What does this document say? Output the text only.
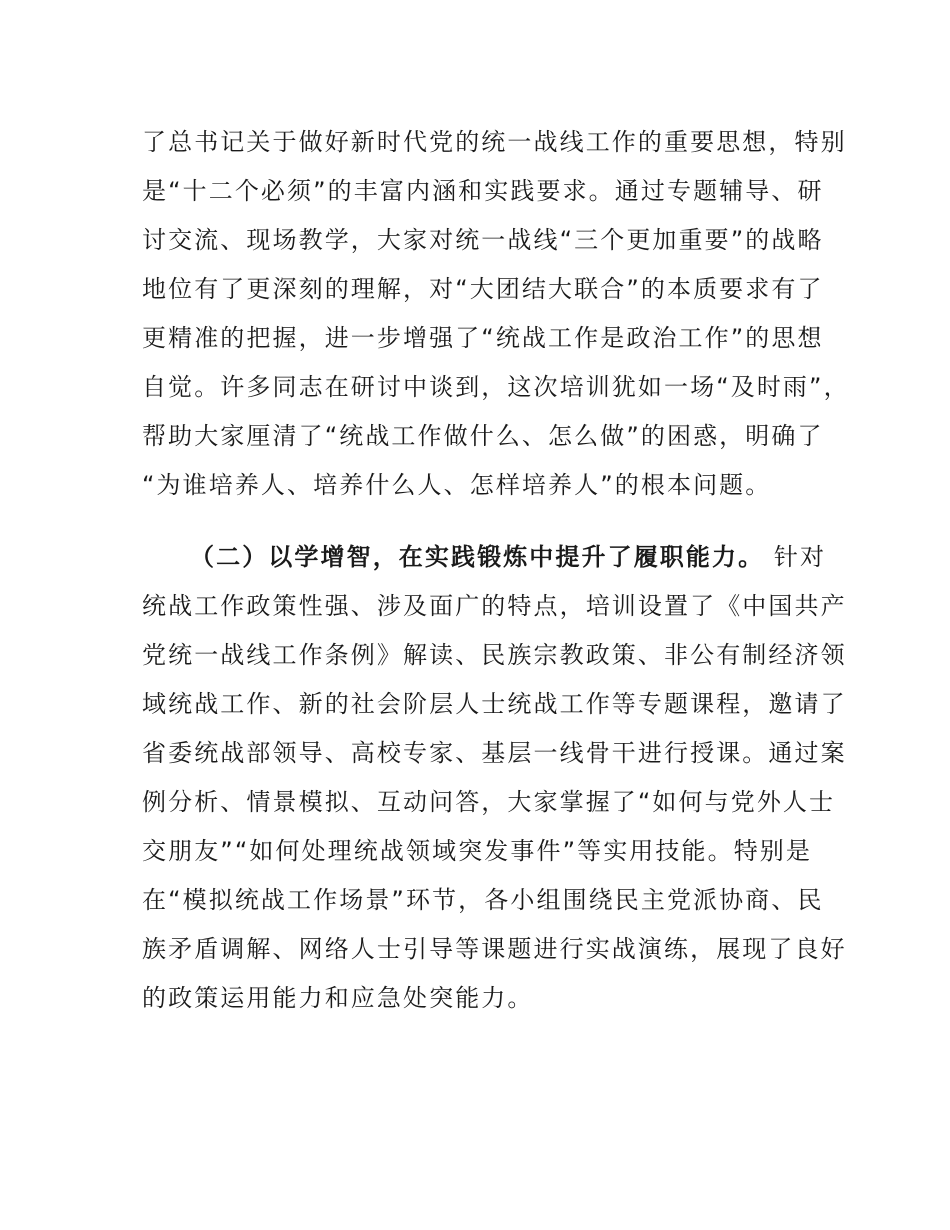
了总书记关于做好新时代党的统一战线工作的重要思想，特别
是“十二个必须”的丰富内涵和实践要求。通过专题辅导、研
讨交流、现场教学，大家对统一战线“三个更加重要”的战略
地位有了更深刻的理解，对“大团结大联合”的本质要求有了
更精准的把握，进一步增强了“统战工作是政治工作”的思想
自觉。许多同志在研讨中谈到，这次培训犹如一场“及时雨”，
帮助大家厘清了“统战工作做什么、怎么做”的困惑，明确了
“为谁培养人、培养什么人、怎样培养人”的根本问题。
（二）以学增智，在实践锻炼中提升了履职能力。 针对
统战工作政策性强、涉及面广的特点，培训设置了《中国共产
党统一战线工作条例》解读、民族宗教政策、非公有制经济领
域统战工作、新的社会阶层人士统战工作等专题课程，邀请了
省委统战部领导、高校专家、基层一线骨干进行授课。通过案
例分析、情景模拟、互动问答，大家掌握了“如何与党外人士
交朋友”“如何处理统战领域突发事件”等实用技能。特别是
在“模拟统战工作场景”环节，各小组围绕民主党派协商、民
族矛盾调解、网络人士引导等课题进行实战演练，展现了良好
的政策运用能力和应急处突能力。
